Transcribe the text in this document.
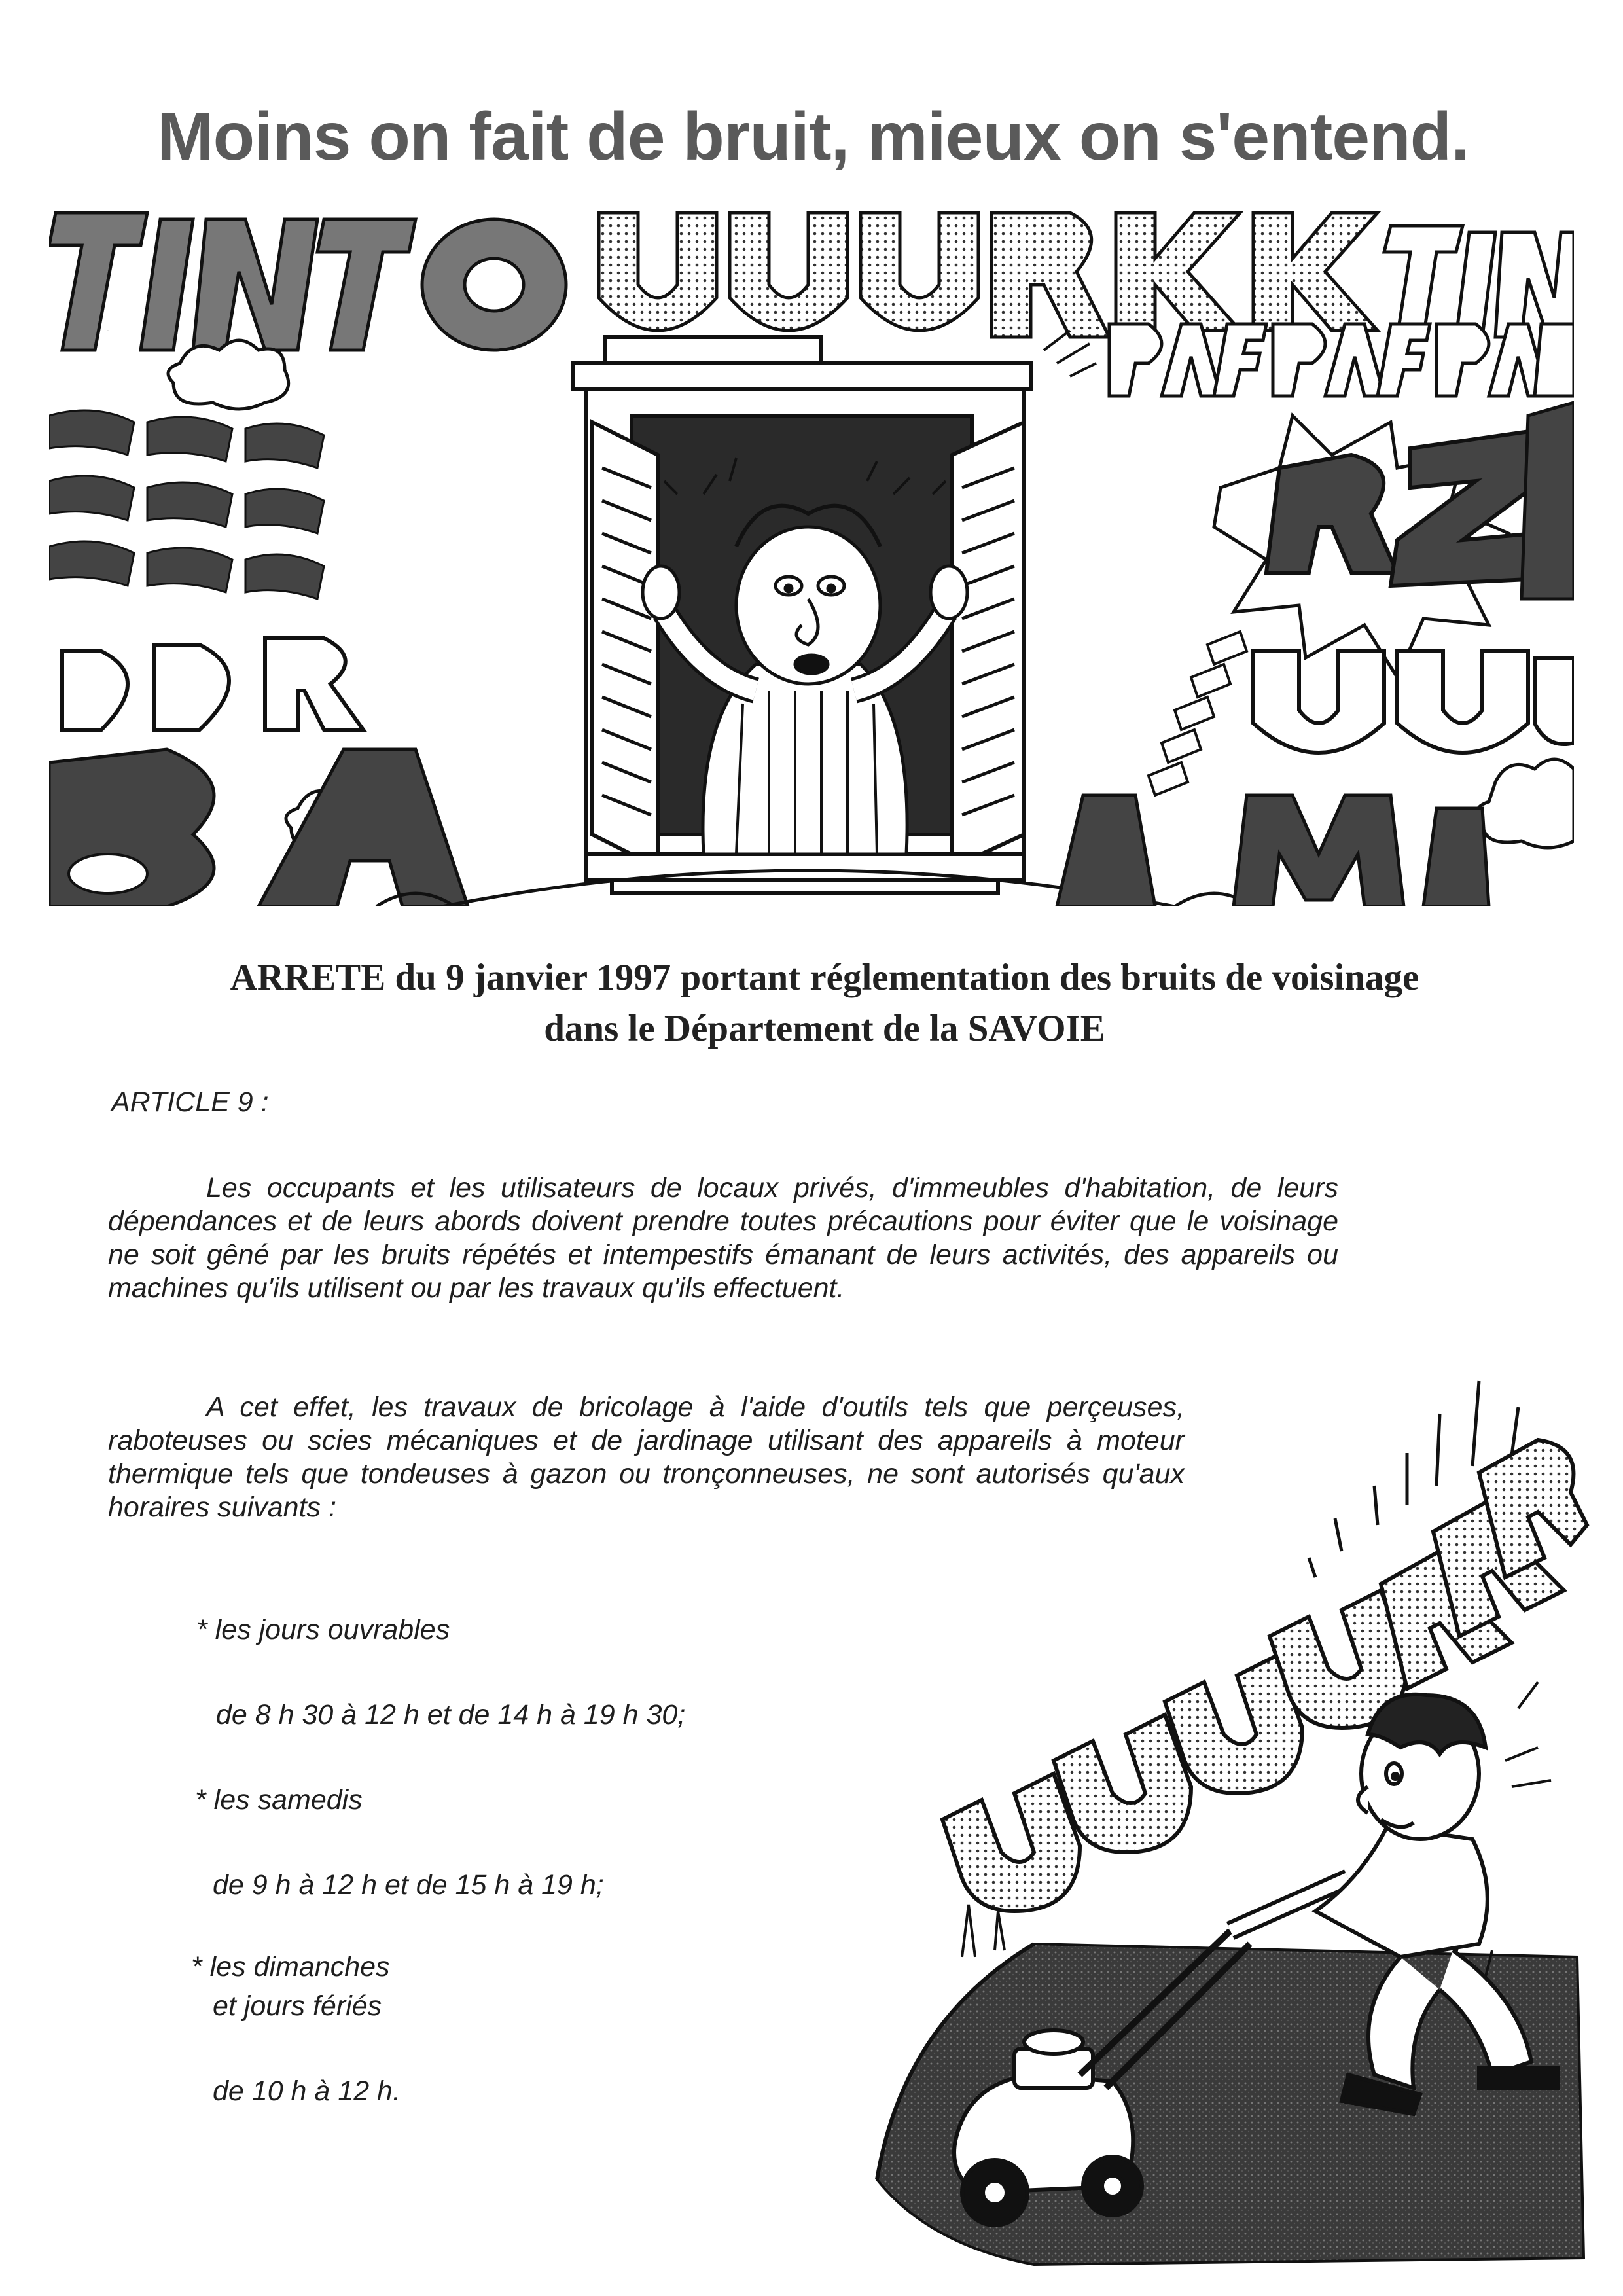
Moins on fait de bruit, mieux on s'entend.
TINTO
ARRETE du 9 janvier 1997 portant réglementation des bruits de voisinage
dans le Département de la SAVOIE
ARTICLE 9 :
Les occupants et les utilisateurs de locaux privés, d'immeubles d'habitation, de leurs dépendances et de leurs abords doivent prendre toutes précautions pour éviter que le voisinage ne soit gêné par les bruits répétés et intempestifs émanant de leurs activités, des appareils ou machines qu'ils utilisent ou par les travaux qu'ils effectuent.
A cet effet, les travaux de bricolage à l'aide d'outils tels que perçeuses, raboteuses ou scies mécaniques et de jardinage utilisant des appareils à moteur thermique tels que tondeuses à gazon ou tronçonneuses, ne sont autorisés qu'aux horaires suivants :
* les jours ouvrables
de 8 h 30 à 12 h et de 14 h à 19 h 30;
* les samedis
de 9 h à 12 h et de 15 h à 19 h;
* les dimanches
et jours fériés
de 10 h à 12 h.
